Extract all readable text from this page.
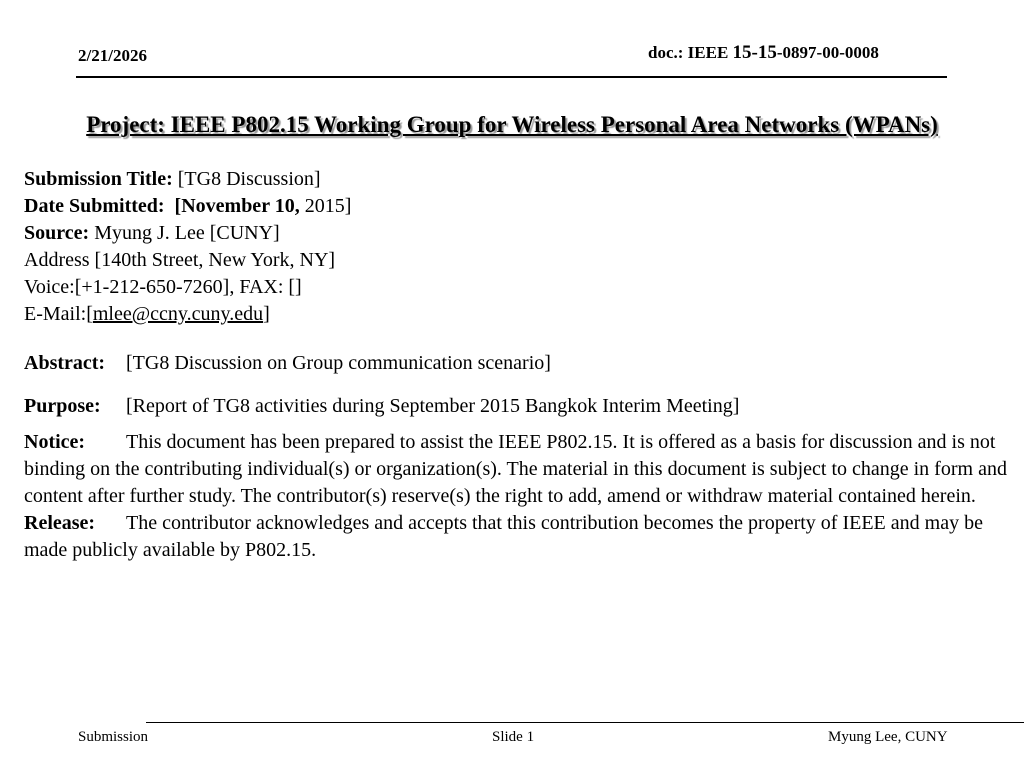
2/21/2026	doc.: IEEE 15-15-0897-00-0008
Project: IEEE P802.15 Working Group for Wireless Personal Area Networks (WPANs)
Submission Title: [TG8 Discussion]
Date Submitted: [November 10, 2015]
Source: Myung J. Lee [CUNY]
Address [140th Street, New York, NY]
Voice:[+1-212-650-7260], FAX: []
E-Mail:[mlee@ccny.cuny.edu]
Abstract: [TG8 Discussion on Group communication scenario]
Purpose: [Report of TG8 activities during September 2015 Bangkok Interim Meeting]
Notice: This document has been prepared to assist the IEEE P802.15. It is offered as a basis for discussion and is not binding on the contributing individual(s) or organization(s). The material in this document is subject to change in form and content after further study. The contributor(s) reserve(s) the right to add, amend or withdraw material contained herein.
Release: The contributor acknowledges and accepts that this contribution becomes the property of IEEE and may be made publicly available by P802.15.
Submission	Slide 1	Myung Lee, CUNY
